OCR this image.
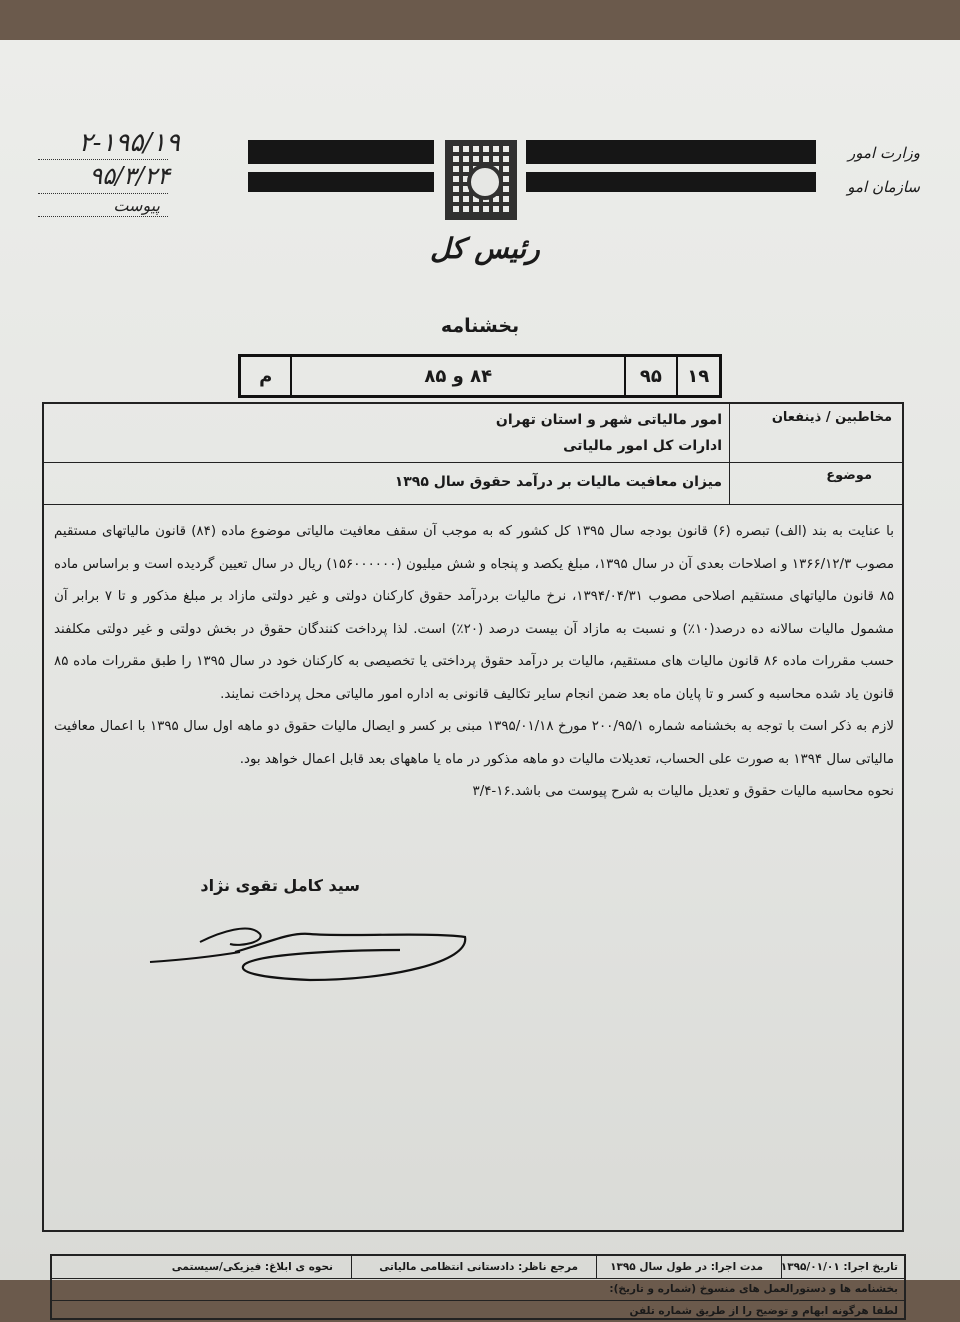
۲-۱۹۵/۱۹
۹۵/۳/۲۴
پیوست
وزارت امور
سازمان امو
رئیس کل
بخشنامه
م	۸۴ و ۸۵	۹۵	۱۹
مخاطبین / ذینفعان
امور مالیاتی شهر و استان تهران
ادارات کل امور مالیاتی
موضوع
میزان معافیت مالیات بر درآمد حقوق سال ۱۳۹۵

با عنایت به بند (الف) تبصره (۶) قانون بودجه سال ۱۳۹۵ کل کشور که به موجب آن سقف معافیت مالیاتی موضوع ماده (۸۴) قانون مالیاتهای مستقیم مصوب ۱۳۶۶/۱۲/۳ و اصلاحات بعدی آن در سال ۱۳۹۵، مبلغ یکصد و پنجاه و شش میلیون (۱۵۶۰۰۰۰۰۰) ریال در سال تعیین گردیده است و براساس ماده ۸۵ قانون مالیاتهای مستقیم اصلاحی مصوب ۱۳۹۴/۰۴/۳۱، نرخ مالیات بردرآمد حقوق کارکنان دولتی و غیر دولتی مازاد بر مبلغ مذکور و تا ۷ برابر آن مشمول مالیات سالانه ده درصد(۱۰٪) و نسبت به مازاد آن بیست درصد (۲۰٪) است. لذا پرداخت کنندگان حقوق در بخش دولتی و غیر دولتی مکلفند حسب مقررات ماده ۸۶ قانون مالیات های مستقیم، مالیات بر درآمد حقوق پرداختی یا تخصیصی به کارکنان خود در سال ۱۳۹۵ را طبق مقررات ماده ۸۵ قانون یاد شده محاسبه و کسر و تا پایان ماه بعد ضمن انجام سایر تکالیف قانونی به اداره امور مالیاتی محل پرداخت نمایند.

لازم به ذکر است با توجه به بخشنامه شماره ۲۰۰/۹۵/۱ مورخ ۱۳۹۵/۰۱/۱۸ مبنی بر کسر و ایصال مالیات حقوق دو ماهه اول سال ۱۳۹۵ با اعمال معافیت مالیاتی سال ۱۳۹۴ به صورت علی الحساب، تعدیلات مالیات دو ماهه مذکور در ماه یا ماههای بعد قابل اعمال خواهد بود.

نحوه محاسبه مالیات حقوق و تعدیل مالیات به شرح پیوست می باشد.۱۶-۳/۴

سید کامل تقوی نژاد
تاریخ اجرا: ۱۳۹۵/۰۱/۰۱
مدت اجرا: در طول سال ۱۳۹۵
مرجع ناظر: دادستانی انتظامی مالیاتی
نحوه ی ابلاغ: فیزیکی/سیستمی
بخشنامه ها و دستورالعمل های منسوخ (شماره و تاریخ):
لطفا هرگونه ابهام و توضیح را از طریق شماره تلفن
